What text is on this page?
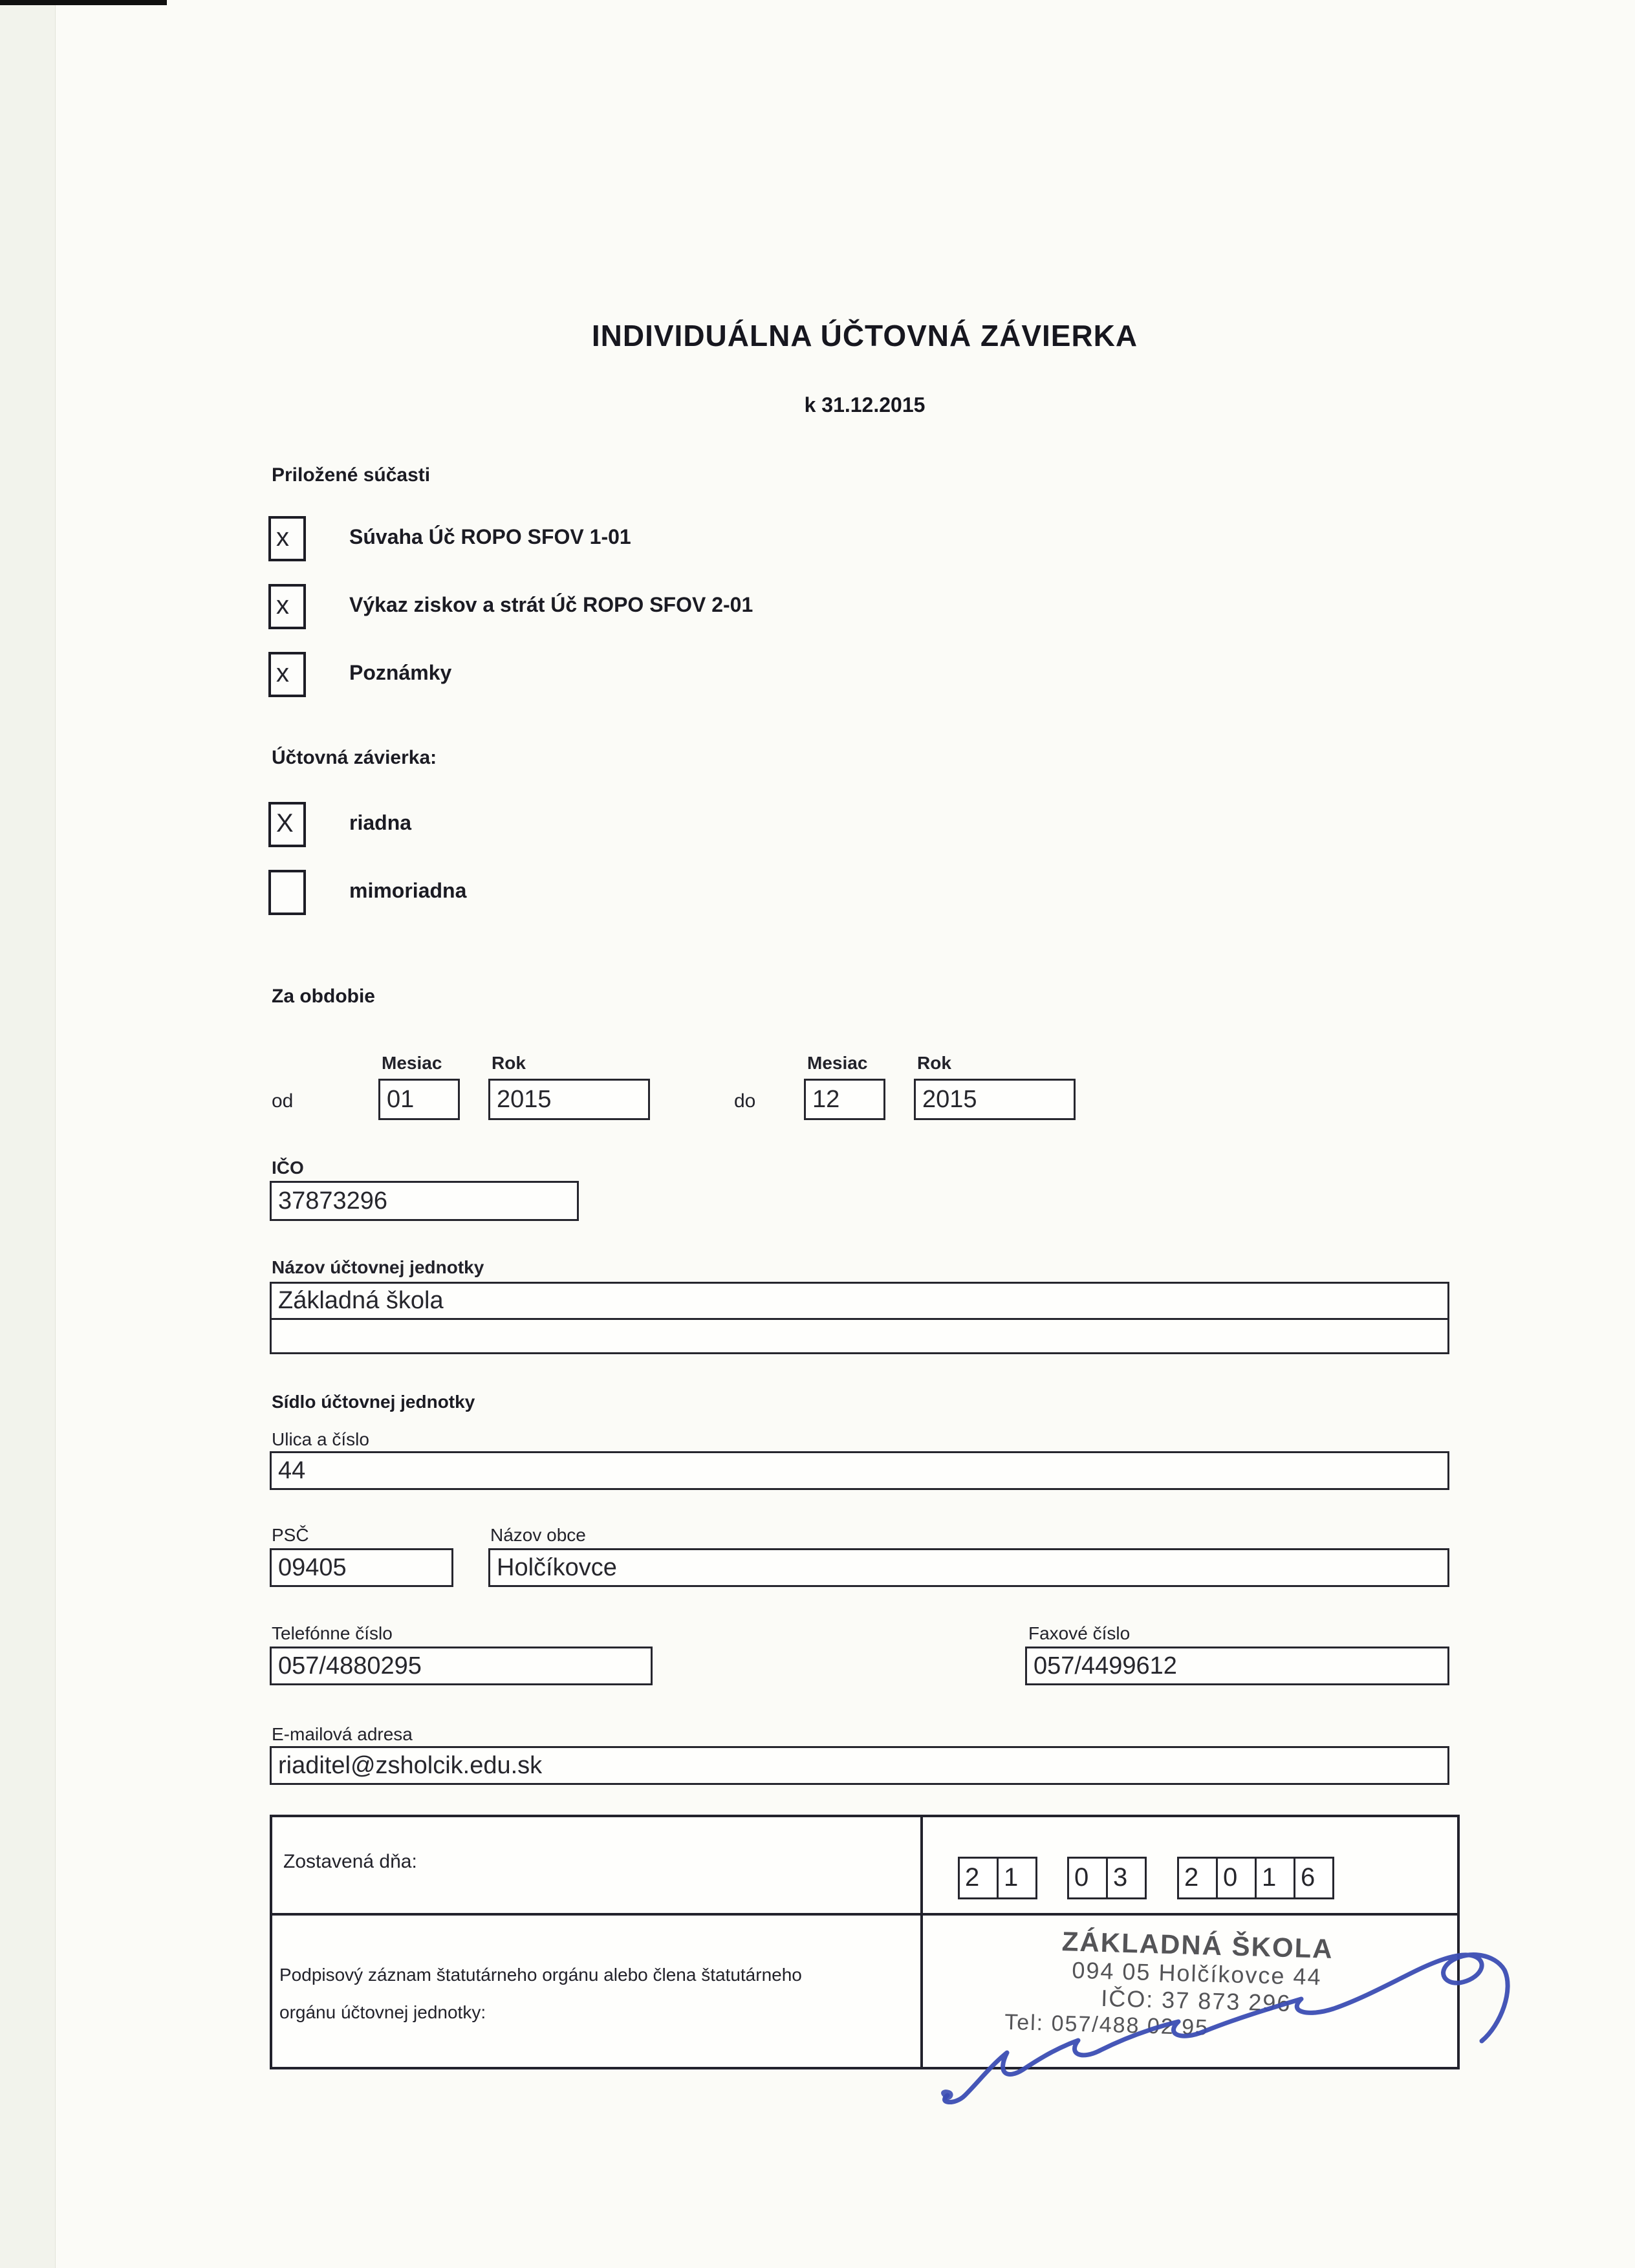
INDIVIDUÁLNA ÚČTOVNÁ ZÁVIERKA
k 31.12.2015
Priložené súčasti
x	Súvaha Úč ROPO SFOV 1-01
x	Výkaz ziskov a strát Úč ROPO SFOV 2-01
x	Poznámky
Účtovná závierka:
X	riadna
mimoriadna
Za obdobie
Mesiac	Rok
od	01	2015
Mesiac	Rok
do 12	2015
IČO
37873296
Názov účtovnej jednotky
Základná škola
Sídlo účtovnej jednotky
Ulica a číslo
44
PSČ	Názov obce
09405	Holčíkovce
Telefónne číslo	Faxové číslo
057/4880295	057/4499612
E-mailová adresa
riaditel@zsholcik.edu.sk
Zostavená dňa:
2 1	0 3	2 0 1 6
Podpisový záznam štatutárneho orgánu alebo člena štatutárneho
orgánu účtovnej jednotky:
ZÁKLADNÁ ŠKOLA
094 05 Holčíkovce 44
IČO: 37 873 296
Tel: 057/488 02 95
